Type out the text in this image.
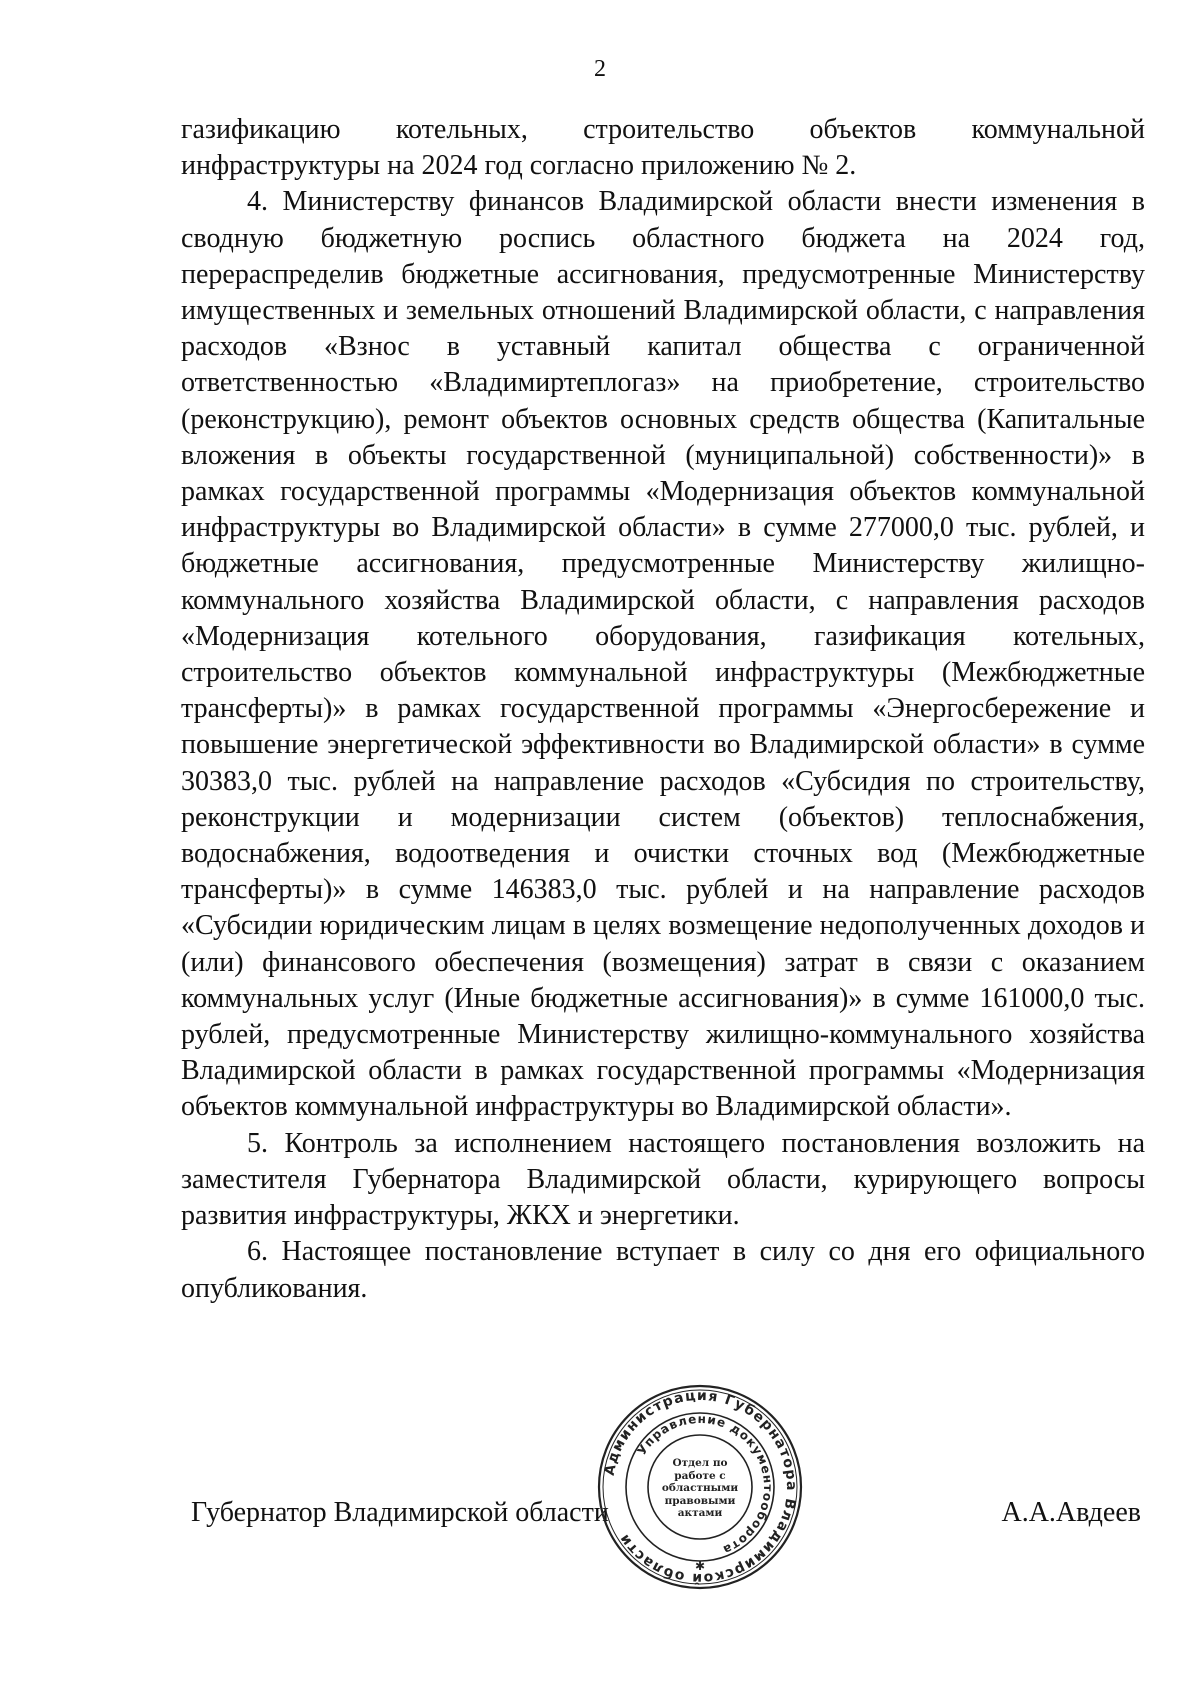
2

газификацию котельных, строительство объектов коммунальной инфраструктуры на 2024 год согласно приложению № 2.

4. Министерству финансов Владимирской области внести изменения в сводную бюджетную роспись областного бюджета на 2024 год, перераспределив бюджетные ассигнования, предусмотренные Министерству имущественных и земельных отношений Владимирской области, с направления расходов «Взнос в уставный капитал общества с ограниченной ответственностью «Владимиртеплогаз» на приобретение, строительство (реконструкцию), ремонт объектов основных средств общества (Капитальные вложения в объекты государственной (муниципальной) собственности)» в рамках государственной программы «Модернизация объектов коммунальной инфраструктуры во Владимирской области» в сумме 277000,0 тыс. рублей, и бюджетные ассигнования, предусмотренные Министерству жилищно-коммунального хозяйства Владимирской области, с направления расходов «Модернизация котельного оборудования, газификация котельных, строительство объектов коммунальной инфраструктуры (Межбюджетные трансферты)» в рамках государственной программы «Энергосбережение и повышение энергетической эффективности во Владимирской области» в сумме 30383,0 тыс. рублей на направление расходов «Субсидия по строительству, реконструкции и модернизации систем (объектов) теплоснабжения, водоснабжения, водоотведения и очистки сточных вод (Межбюджетные трансферты)» в сумме 146383,0 тыс. рублей и на направление расходов «Субсидии юридическим лицам в целях возмещение недополученных доходов и (или) финансового обеспечения (возмещения) затрат в связи с оказанием коммунальных услуг (Иные бюджетные ассигнования)» в сумме 161000,0 тыс. рублей, предусмотренные Министерству жилищно-коммунального хозяйства Владимирской области в рамках государственной программы «Модернизация объектов коммунальной инфраструктуры во Владимирской области».

5. Контроль за исполнением настоящего постановления возложить на заместителя Губернатора Владимирской области, курирующего вопросы развития инфраструктуры, ЖКХ и энергетики.

6. Настоящее постановление вступает в силу со дня его официального опубликования.

Губернатор Владимирской области	А.А.Авдеев
Администрация Губернатора Владимирской области
Управление документооборота
Отдел по работе с областными правовыми актами
✱
